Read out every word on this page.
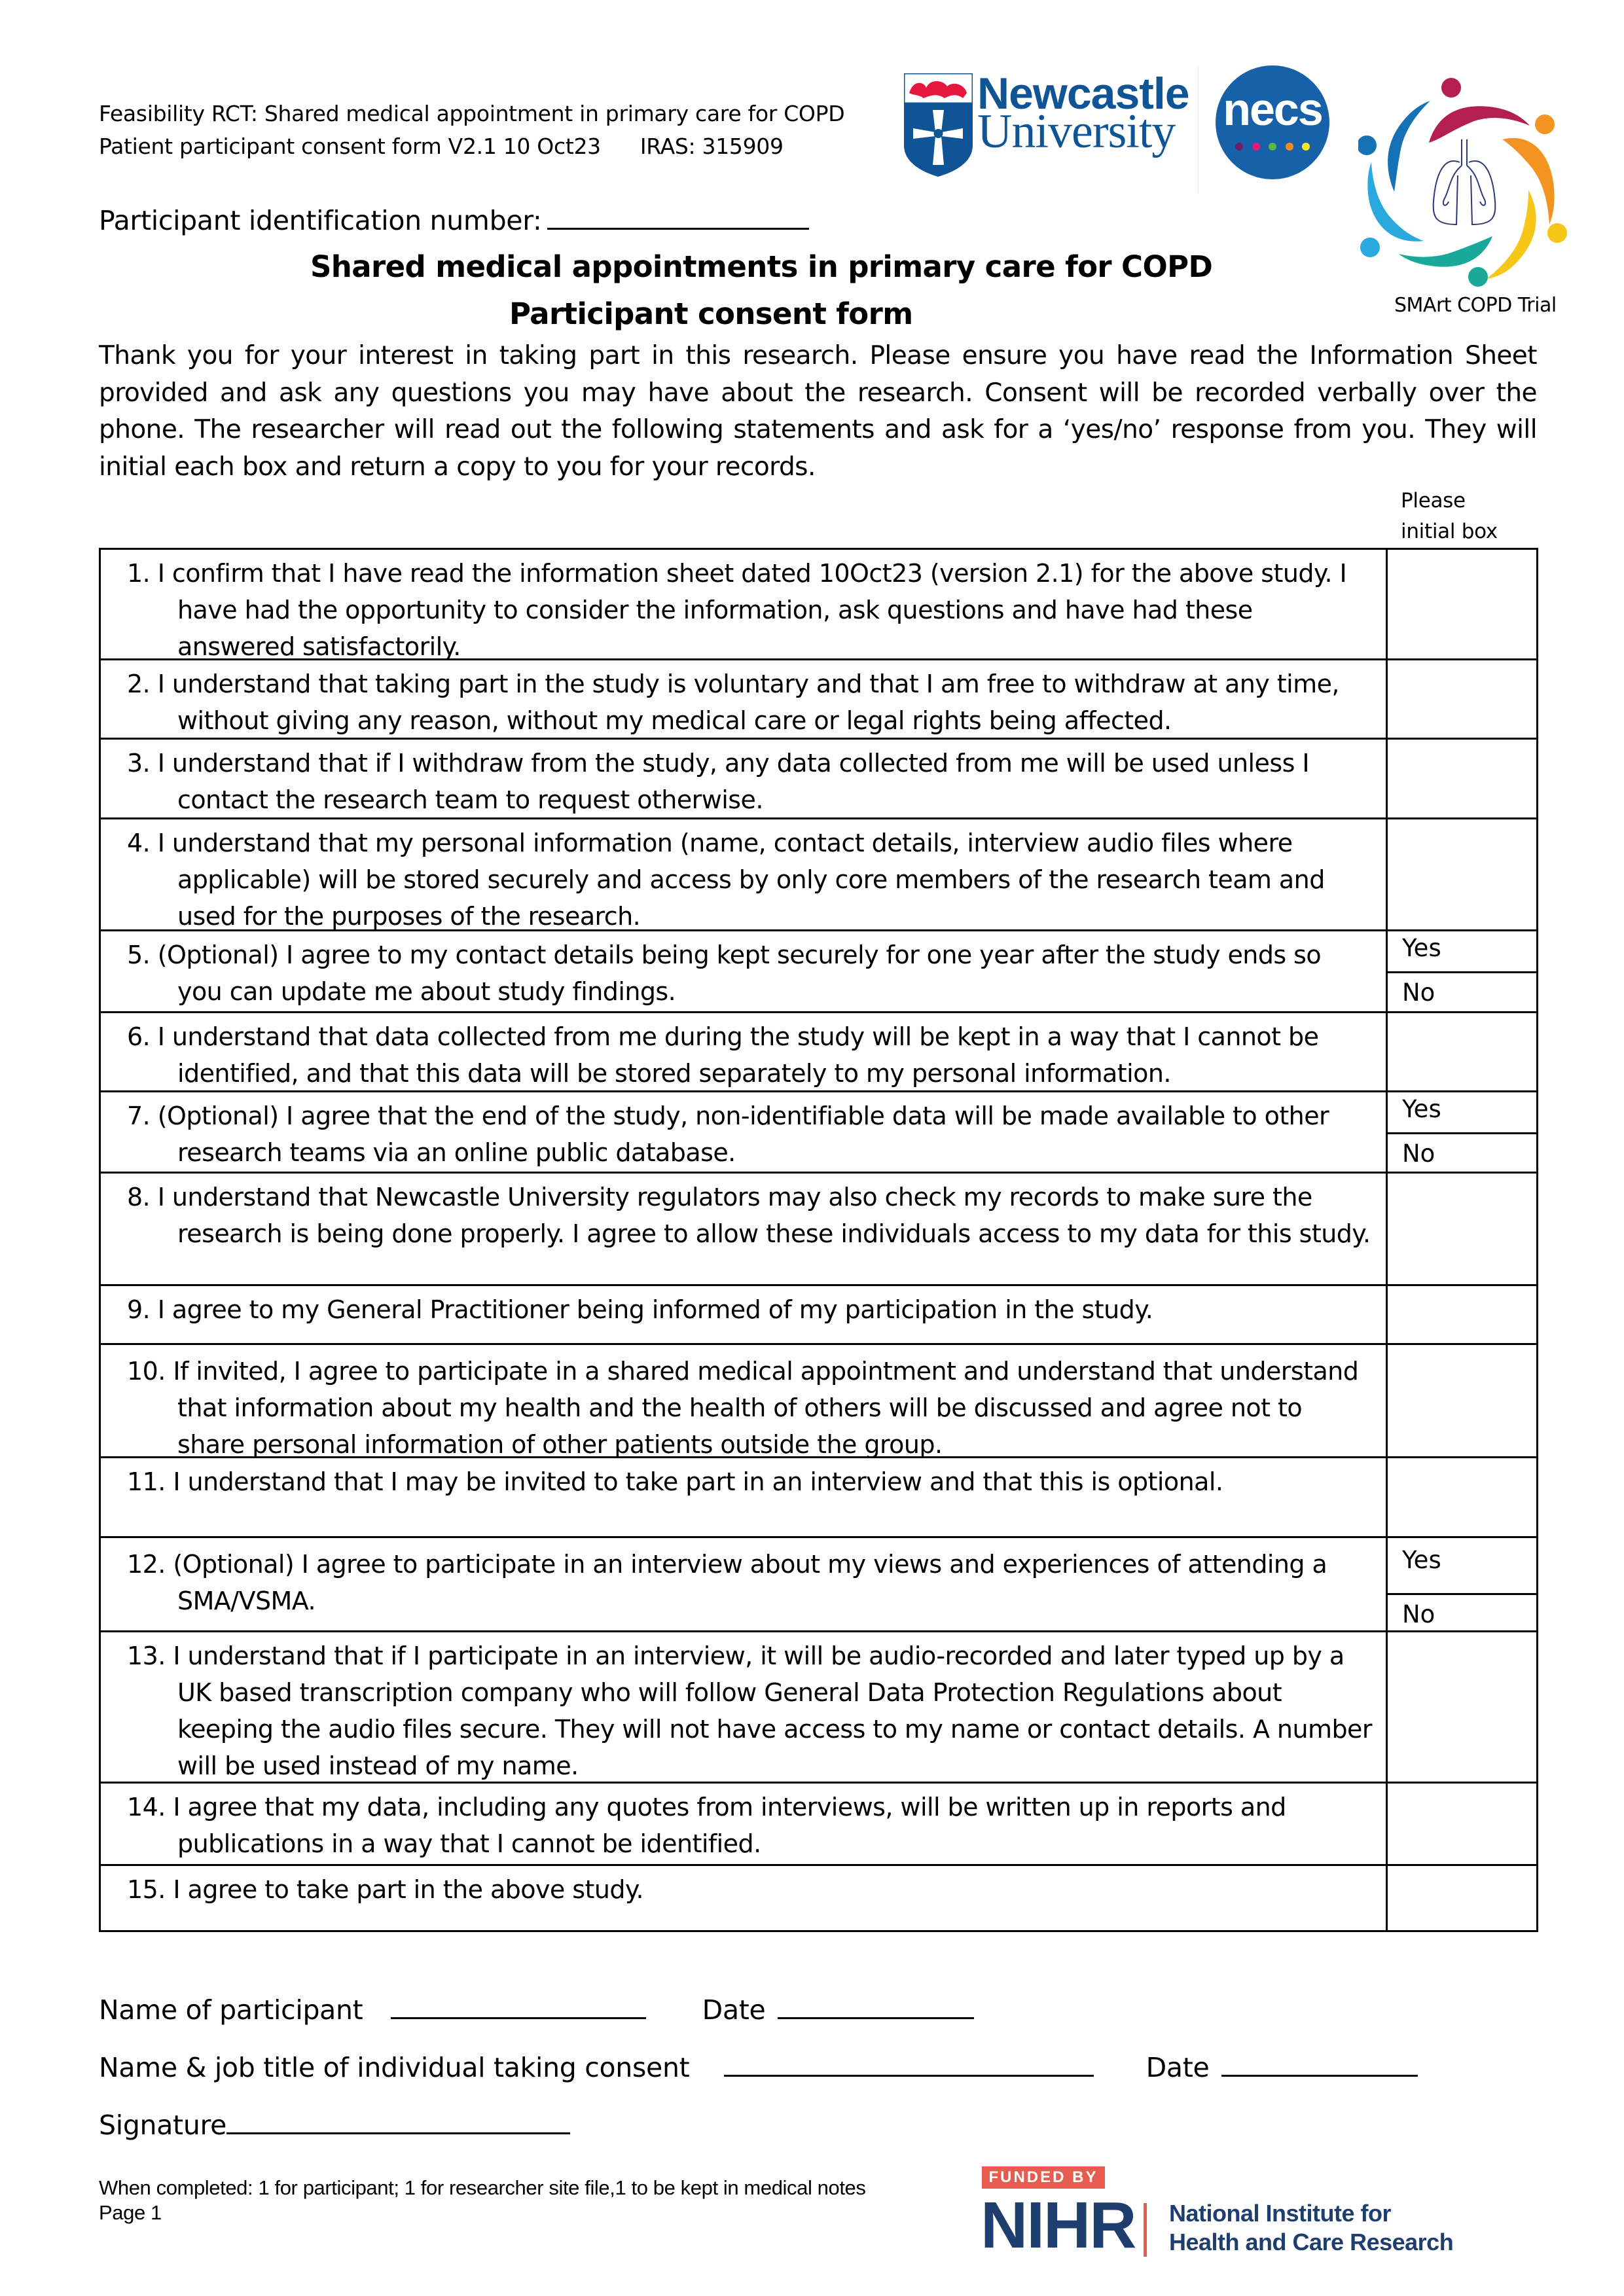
Feasibility RCT: Shared medical appointment in primary care for COPD
Patient participant consent form V2.1 10 Oct23 IRAS: 315909
Newcastle
University necs
SMArt COPD Trial
Participant identification number:
Shared medical appointments in primary care for COPD
Participant consent form
Thank you for your interest in taking part in this research. Please ensure you have read the Information Sheet provided and ask any questions you may have about the research. Consent will be recorded verbally over the phone. The researcher will read out the following statements and ask for a ‘yes/no’ response from you. They will initial each box and return a copy to you for your records.
Please
initial box
1. I confirm that I have read the information sheet dated 10Oct23 (version 2.1) for the above study. I have had the opportunity to consider the information, ask questions and have had these answered satisfactorily.
2. I understand that taking part in the study is voluntary and that I am free to withdraw at any time, without giving any reason, without my medical care or legal rights being affected.
3. I understand that if I withdraw from the study, any data collected from me will be used unless I contact the research team to request otherwise.
4. I understand that my personal information (name, contact details, interview audio files where applicable) will be stored securely and access by only core members of the research team and used for the purposes of the research.
5. (Optional) I agree to my contact details being kept securely for one year after the study ends so you can update me about study findings.
Yes
No
6. I understand that data collected from me during the study will be kept in a way that I cannot be identified, and that this data will be stored separately to my personal information.
7. (Optional) I agree that the end of the study, non-identifiable data will be made available to other research teams via an online public database.
Yes
No
8. I understand that Newcastle University regulators may also check my records to make sure the research is being done properly. I agree to allow these individuals access to my data for this study.
9. I agree to my General Practitioner being informed of my participation in the study.
10. If invited, I agree to participate in a shared medical appointment and understand that understand that information about my health and the health of others will be discussed and agree not to share personal information of other patients outside the group.
11. I understand that I may be invited to take part in an interview and that this is optional.
12. (Optional) I agree to participate in an interview about my views and experiences of attending a SMA/VSMA.
Yes
No
13. I understand that if I participate in an interview, it will be audio-recorded and later typed up by a UK based transcription company who will follow General Data Protection Regulations about keeping the audio files secure. They will not have access to my name or contact details. A number will be used instead of my name.
14. I agree that my data, including any quotes from interviews, will be written up in reports and publications in a way that I cannot be identified.
15. I agree to take part in the above study.
Name of participant	Date
Name & job title of individual taking consent	Date
Signature
When completed: 1 for participant; 1 for researcher site file,1 to be kept in medical notes
Page 1
FUNDED BY
NIHR National Institute for
Health and Care Research
